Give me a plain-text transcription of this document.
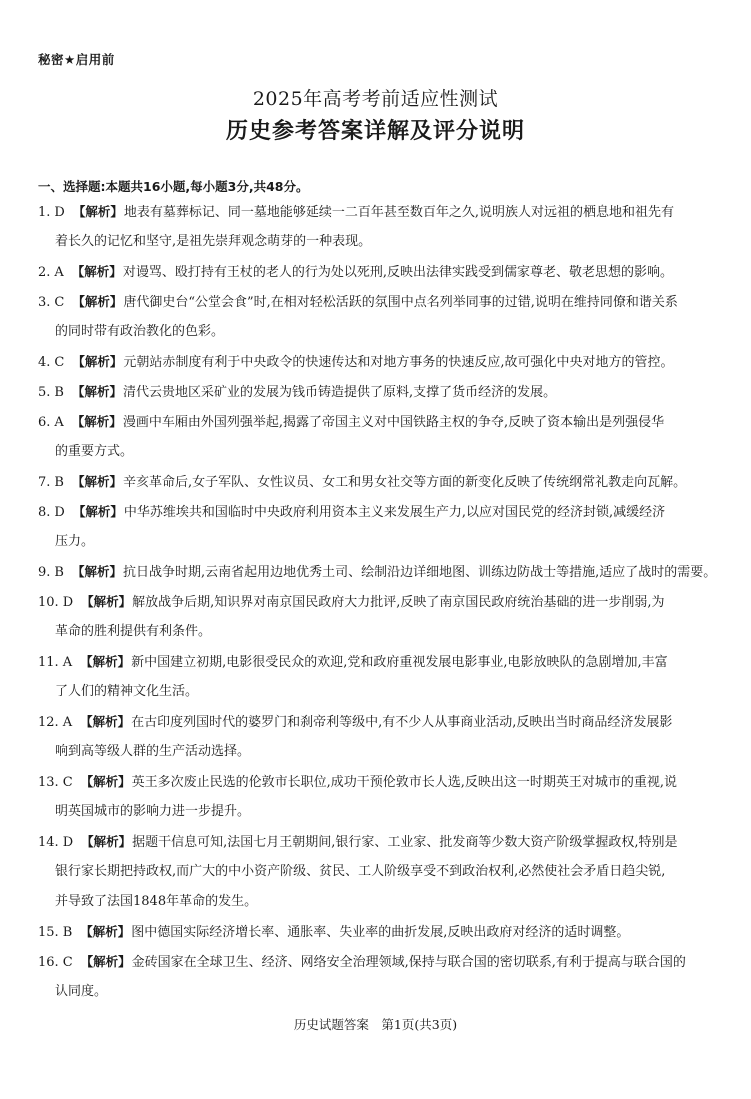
秘密★启用前
2025年高考考前适应性测试
历史参考答案详解及评分说明
一、选择题:本题共16小题,每小题3分,共48分。
1. D 【解析】地表有墓葬标记、同一墓地能够延续一二百年甚至数百年之久,说明族人对远祖的栖息地和祖先有
着长久的记忆和坚守,是祖先崇拜观念萌芽的一种表现。
2. A 【解析】对谩骂、殴打持有王杖的老人的行为处以死刑,反映出法律实践受到儒家尊老、敬老思想的影响。
3. C 【解析】唐代御史台“公堂会食”时,在相对轻松活跃的氛围中点名列举同事的过错,说明在维持同僚和谐关系
的同时带有政治教化的色彩。
4. C 【解析】元朝站赤制度有利于中央政令的快速传达和对地方事务的快速反应,故可强化中央对地方的管控。
5. B 【解析】清代云贵地区采矿业的发展为钱币铸造提供了原料,支撑了货币经济的发展。
6. A 【解析】漫画中车厢由外国列强举起,揭露了帝国主义对中国铁路主权的争夺,反映了资本输出是列强侵华
的重要方式。
7. B 【解析】辛亥革命后,女子军队、女性议员、女工和男女社交等方面的新变化反映了传统纲常礼教走向瓦解。
8. D 【解析】中华苏维埃共和国临时中央政府利用资本主义来发展生产力,以应对国民党的经济封锁,减缓经济
压力。
9. B 【解析】抗日战争时期,云南省起用边地优秀土司、绘制沿边详细地图、训练边防战士等措施,适应了战时的需要。
10. D 【解析】解放战争后期,知识界对南京国民政府大力批评,反映了南京国民政府统治基础的进一步削弱,为
革命的胜利提供有利条件。
11. A 【解析】新中国建立初期,电影很受民众的欢迎,党和政府重视发展电影事业,电影放映队的急剧增加,丰富
了人们的精神文化生活。
12. A 【解析】在古印度列国时代的婆罗门和刹帝利等级中,有不少人从事商业活动,反映出当时商品经济发展影
响到高等级人群的生产活动选择。
13. C 【解析】英王多次废止民选的伦敦市长职位,成功干预伦敦市长人选,反映出这一时期英王对城市的重视,说
明英国城市的影响力进一步提升。
14. D 【解析】据题干信息可知,法国七月王朝期间,银行家、工业家、批发商等少数大资产阶级掌握政权,特别是
银行家长期把持政权,而广大的中小资产阶级、贫民、工人阶级享受不到政治权利,必然使社会矛盾日趋尖锐,
并导致了法国1848年革命的发生。
15. B 【解析】图中德国实际经济增长率、通胀率、失业率的曲折发展,反映出政府对经济的适时调整。
16. C 【解析】金砖国家在全球卫生、经济、网络安全治理领域,保持与联合国的密切联系,有利于提高与联合国的
认同度。
历史试题答案　第1页(共3页)
